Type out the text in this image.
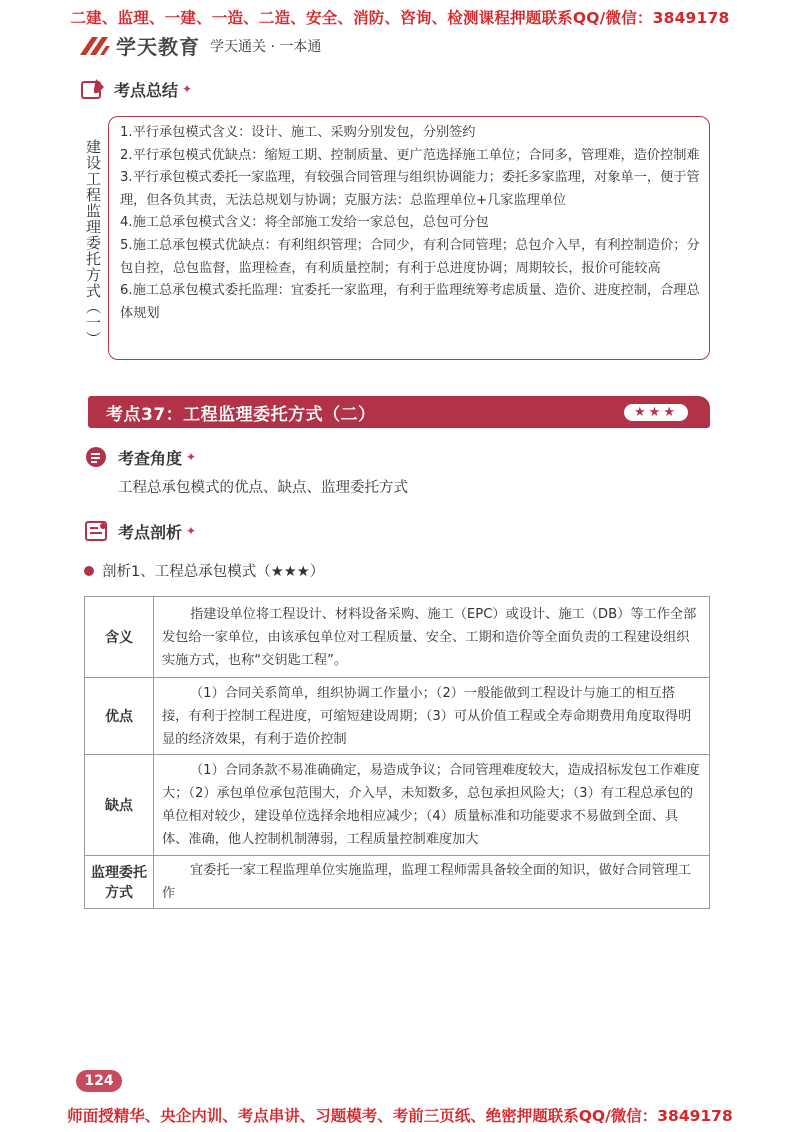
二建、监理、一建、一造、二造、安全、消防、咨询、检测课程押题联系QQ/微信：3849178
学天教育 学天通关 · 一本通
考点总结 ✦
建设工程监理委托方式（一）

1.平行承包模式含义：设计、施工、采购分别发包，分别签约

2.平行承包模式优缺点：缩短工期、控制质量、更广范选择施工单位；合同多，管理难，造价控制难

3.平行承包模式委托一家监理，有较强合同管理与组织协调能力；委托多家监理，对象单一，便于管理，但各负其责，无法总规划与协调；克服方法：总监理单位+几家监理单位

4.施工总承包模式含义：将全部施工发给一家总包，总包可分包

5.施工总承包模式优缺点：有利组织管理；合同少，有利合同管理；总包介入早，有利控制造价；分包自控，总包监督，监理检查，有利质量控制；有利于总进度协调；周期较长，报价可能较高

6.施工总承包模式委托监理：宜委托一家监理，有利于监理统筹考虑质量、造价、进度控制，合理总体规划

考点37：工程监理委托方式（二）	★★★
考查角度 ✦
工程总承包模式的优点、缺点、监理委托方式
考点剖析 ✦
剖析1、工程总承包模式（★★★）
含义	指建设单位将工程设计、材料设备采购、施工（EPC）或设计、施工（DB）等工作全部发包给一家单位，由该承包单位对工程质量、安全、工期和造价等全面负责的工程建设组织实施方式，也称“交钥匙工程”。
优点	（1）合同关系简单，组织协调工作量小；（2）一般能做到工程设计与施工的相互搭接，有利于控制工程进度，可缩短建设周期；（3）可从价值工程或全寿命期费用角度取得明显的经济效果，有利于造价控制
缺点	（1）合同条款不易准确确定，易造成争议；合同管理难度较大，造成招标发包工作难度大；（2）承包单位承包范围大，介入早，未知数多，总包承担风险大；（3）有工程总承包的单位相对较少，建设单位选择余地相应减少；（4）质量标准和功能要求不易做到全面、具体、准确，他人控制机制薄弱，工程质量控制难度加大
监理委托方式	宜委托一家工程监理单位实施监理，监理工程师需具备较全面的知识，做好合同管理工作
124
师面授精华、央企内训、考点串讲、习题模考、考前三页纸、绝密押题联系QQ/微信：3849178
